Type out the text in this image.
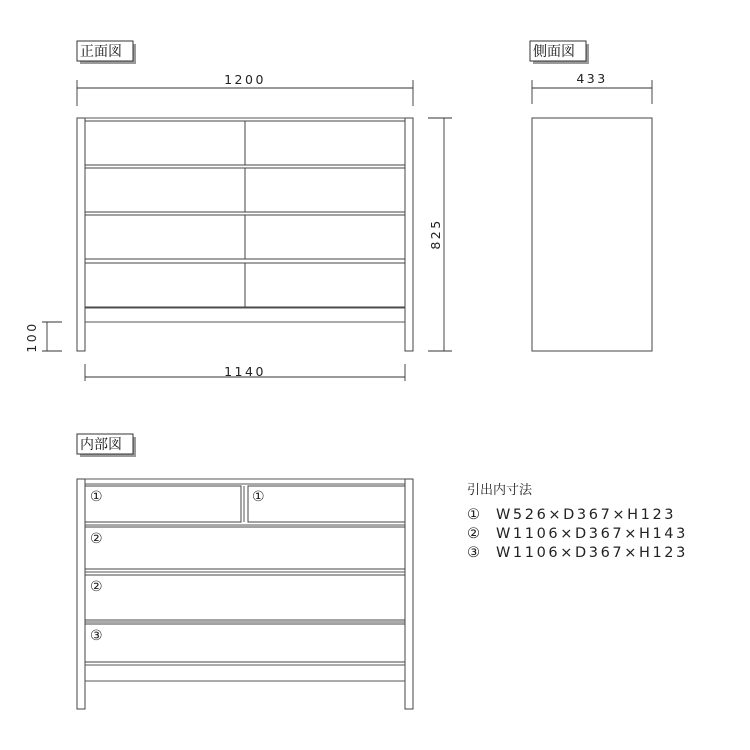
正面図
1200
825
100
1140
側面図
433
内部図
①	①
②
②
③
引出内寸法
① W526×D367×H123
② W1106×D367×H143
③ W1106×D367×H123
